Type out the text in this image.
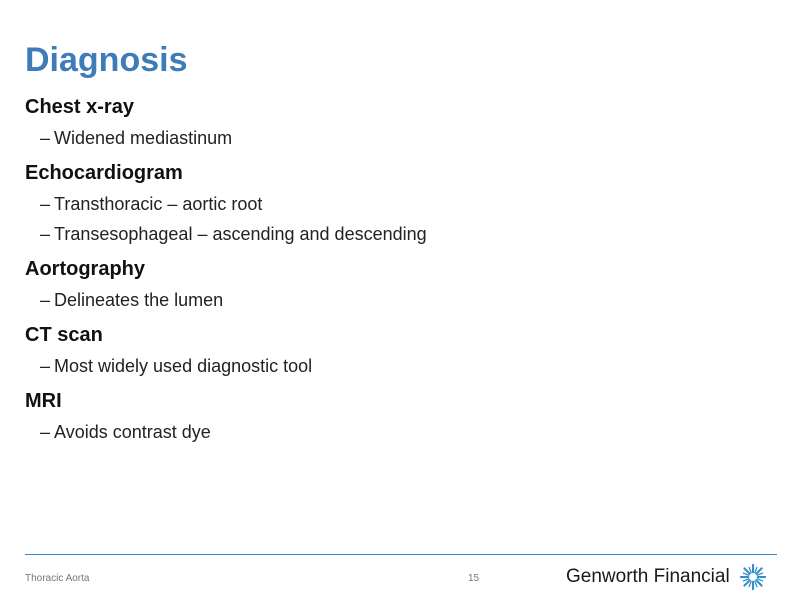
Diagnosis
Chest x-ray
– Widened mediastinum
Echocardiogram
– Transthoracic – aortic root
– Transesophageal – ascending and descending
Aortography
– Delineates the lumen
CT scan
– Most widely used diagnostic tool
MRI
– Avoids contrast dye
Thoracic Aorta	15	Genworth Financial
